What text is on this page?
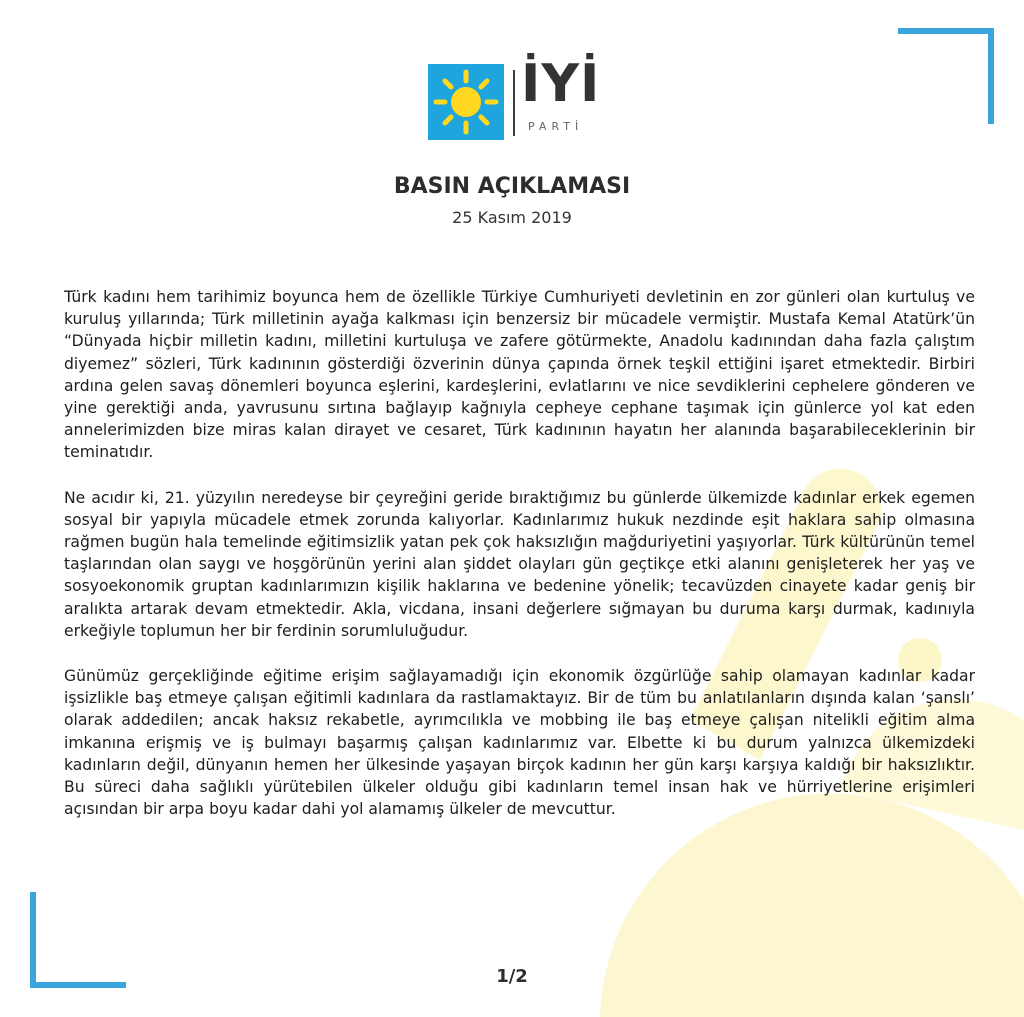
İYİ
PARTİ
BASIN AÇIKLAMASI
25 Kasım 2019

Türk kadını hem tarihimiz boyunca hem de özellikle Türkiye Cumhuriyeti devletinin en zor günleri olan kurtuluş ve kuruluş yıllarında; Türk milletinin ayağa kalkması için benzersiz bir mücadele vermiştir. Mustafa Kemal Atatürk’ün “Dünyada hiçbir milletin kadını, milletini kurtuluşa ve zafere götürmekte, Anadolu kadınından daha fazla çalıştım diyemez” sözleri, Türk kadınının gösterdiği özverinin dünya çapında örnek teşkil ettiğini işaret etmektedir. Birbiri ardına gelen savaş dönemleri boyunca eşlerini, kardeşlerini, evlatlarını ve nice sevdiklerini cephelere gönderen ve yine gerektiği anda, yavrusunu sırtına bağlayıp kağnıyla cepheye cephane taşımak için günlerce yol kat eden annelerimizden bize miras kalan dirayet ve cesaret, Türk kadınının hayatın her alanında başarabileceklerinin bir teminatıdır.

Ne acıdır ki, 21. yüzyılın neredeyse bir çeyreğini geride bıraktığımız bu günlerde ülkemizde kadınlar erkek egemen sosyal bir yapıyla mücadele etmek zorunda kalıyorlar. Kadınlarımız hukuk nezdinde eşit haklara sahip olmasına rağmen bugün hala temelinde eğitimsizlik yatan pek çok haksızlığın mağduriyetini yaşıyorlar. Türk kültürünün temel taşlarından olan saygı ve hoşgörünün yerini alan şiddet olayları gün geçtikçe etki alanını genişleterek her yaş ve sosyoekonomik gruptan kadınlarımızın kişilik haklarına ve bedenine yönelik; tecavüzden cinayete kadar geniş bir aralıkta artarak devam etmektedir. Akla, vicdana, insani değerlere sığmayan bu duruma karşı durmak, kadınıyla erkeğiyle toplumun her bir ferdinin sorumluluğudur.

Günümüz gerçekliğinde eğitime erişim sağlayamadığı için ekonomik özgürlüğe sahip olamayan kadınlar kadar işsizlikle baş etmeye çalışan eğitimli kadınlara da rastlamaktayız. Bir de tüm bu anlatılanların dışında kalan ‘şanslı’ olarak addedilen; ancak haksız rekabetle, ayrımcılıkla ve mobbing ile baş etmeye çalışan nitelikli eğitim alma imkanına erişmiş ve iş bulmayı başarmış çalışan kadınlarımız var. Elbette ki bu durum yalnızca ülkemizdeki kadınların değil, dünyanın hemen her ülkesinde yaşayan birçok kadının her gün karşı karşıya kaldığı bir haksızlıktır. Bu süreci daha sağlıklı yürütebilen ülkeler olduğu gibi kadınların temel insan hak ve hürriyetlerine erişimleri açısından bir arpa boyu kadar dahi yol alamamış ülkeler de mevcuttur.

1/2
